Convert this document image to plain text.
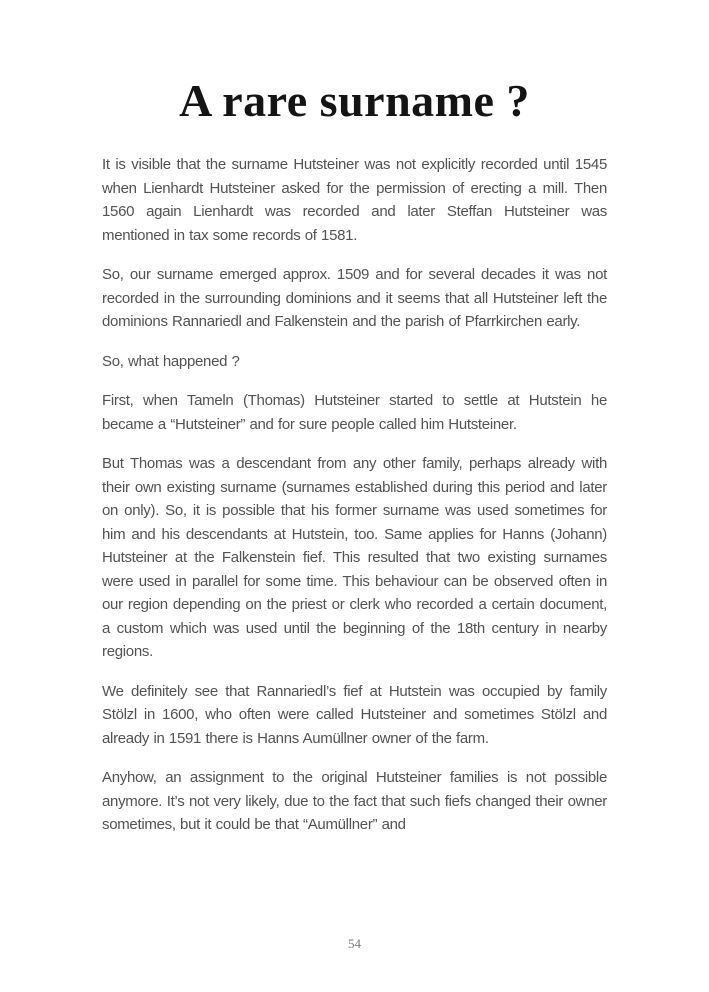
A rare surname ?

It is visible that the surname Hutsteiner was not explicitly recorded until 1545 when Lienhardt Hutsteiner asked for the permission of erecting a mill. Then 1560 again Lienhardt was recorded and later Steffan Hutsteiner was mentioned in tax some records of 1581.

So, our surname emerged approx. 1509 and for several decades it was not recorded in the surrounding dominions and it seems that all Hutsteiner left the dominions Rannariedl and Falkenstein and the parish of Pfarrkirchen early.

So, what happened ?

First, when Tameln (Thomas) Hutsteiner started to settle at Hutstein he became a “Hutsteiner” and for sure people called him Hutsteiner.

But Thomas was a descendant from any other family, perhaps already with their own existing surname (surnames established during this period and later on only). So, it is possible that his former surname was used sometimes for him and his descendants at Hutstein, too. Same applies for Hanns (Johann) Hutsteiner at the Falkenstein fief. This resulted that two existing surnames were used in parallel for some time. This behaviour can be observed often in our region depending on the priest or clerk who recorded a certain document, a custom which was used until the beginning of the 18th century in nearby regions.

We definitely see that Rannariedl’s fief at Hutstein was occupied by family Stölzl in 1600, who often were called Hutsteiner and sometimes Stölzl and already in 1591 there is Hanns Aumüllner owner of the farm.

Anyhow, an assignment to the original Hutsteiner families is not possible anymore. It’s not very likely, due to the fact that such fiefs changed their owner sometimes, but it could be that “Aumüllner” and

54
